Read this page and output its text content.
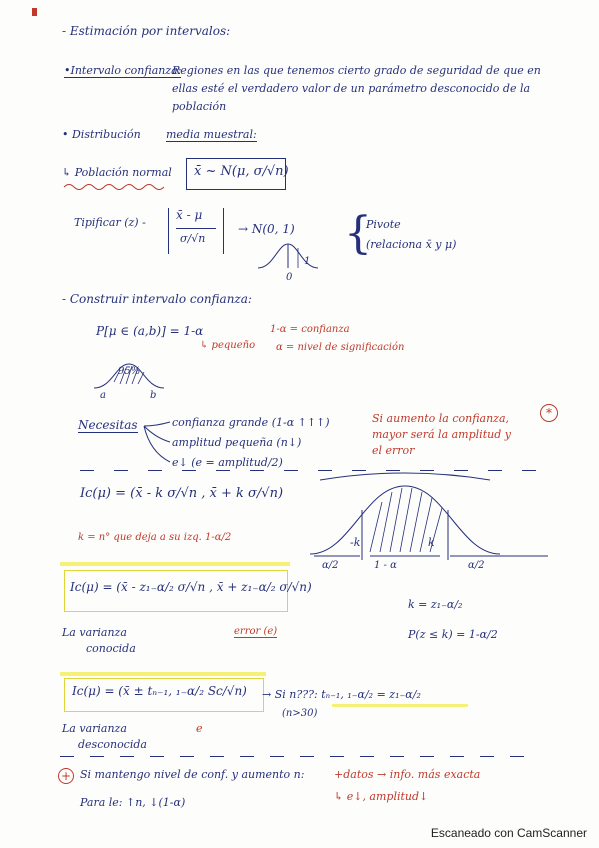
- Estimación por intervalos:
•Intervalo confianza:
Regiones en las que tenemos cierto grado de seguridad de que en
ellas esté el verdadero valor de un parámetro desconocido de la
población
• Distribución media muestral:
↳ Población normal x̄ ~ N(μ, σ/√n)
Tipificar (z) -
x̄ - μ
σ/√n
→ N(0, 1)
0
1
{
Pivote
(relaciona x̄ y μ)
- Construir intervalo confianza:
P[μ ∈ (a,b)] = 1-α
↳ pequeño
1-α = confianza
α = nivel de significación
95%
a	b
Necesitas	confianza grande (1-α ↑↑↑)
amplitud pequeña (n↓)
e↓ (e = amplitud/2)
Si aumento la confianza,
mayor será la amplitud y
el error
*
Ic(μ) = (x̄ - k σ/√n , x̄ + k σ/√n)
k = n° que deja a su izq. 1-α/2	-k	k
α/2	1 - α	α/2
Ic(μ) = (x̄ - z₁₋α/₂ σ/√n , x̄ + z₁₋α/₂ σ/√n)
La varianza
conocida
error (e)
k = z₁₋α/₂
P(z ≤ k) = 1-α/2
Ic(μ) = (x̄ ± tₙ₋₁, ₁₋α/₂ Sc/√n) → Si n???: tₙ₋₁, ₁₋α/₂ = z₁₋α/₂
(n>30)
La varianza
desconocida
e
+ Si mantengo nivel de conf. y aumento n:	+datos → info. más exacta
Para le: ↑n, ↓(1-α)	↳ e↓, amplitud↓
Escaneado con CamScanner
